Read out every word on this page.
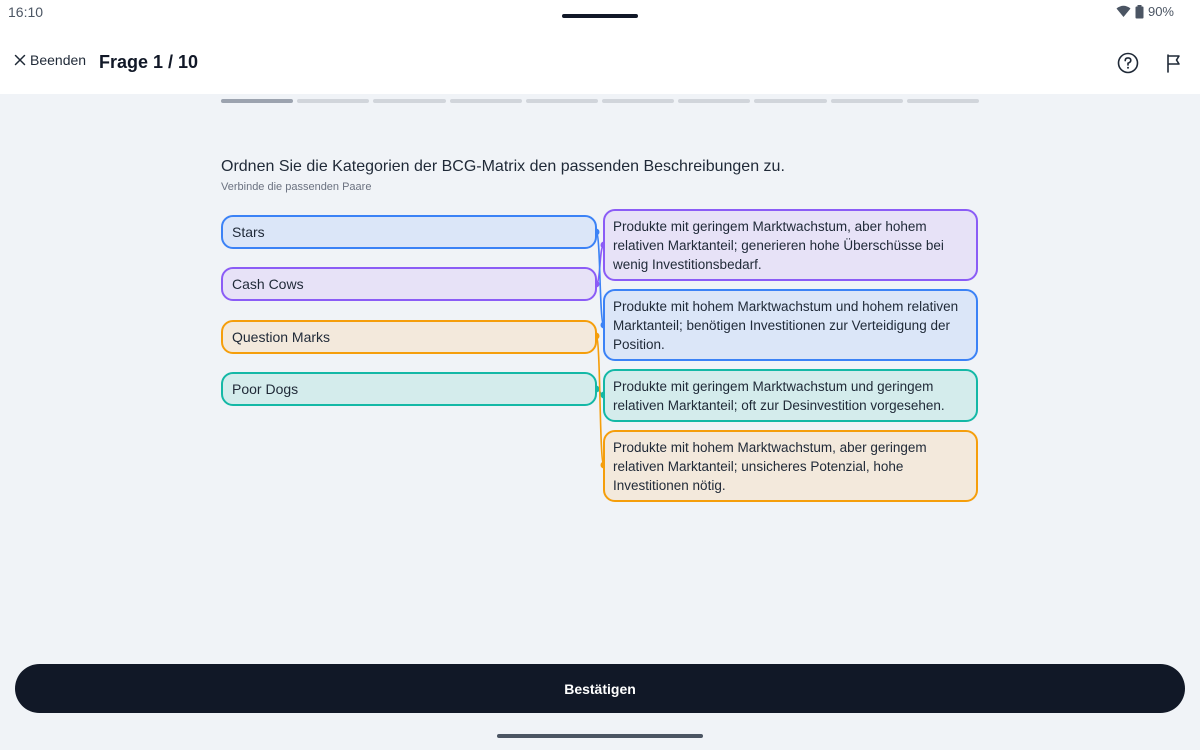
16:10	90%
Beenden Frage 1 / 10
Ordnen Sie die Kategorien der BCG-Matrix den passenden Beschreibungen zu.
Verbinde die passenden Paare
Stars
Cash Cows
Question Marks
Poor Dogs
Produkte mit geringem Marktwachstum, aber hohem relativen Marktanteil; generieren hohe Überschüsse bei wenig Investitionsbedarf.
Produkte mit hohem Marktwachstum und hohem relativen Marktanteil; benötigen Investitionen zur Verteidigung der Position.
Produkte mit geringem Marktwachstum und geringem relativen Marktanteil; oft zur Desinvestition vorgesehen.
Produkte mit hohem Marktwachstum, aber geringem relativen Marktanteil; unsicheres Potenzial, hohe Investitionen nötig.
Bestätigen
